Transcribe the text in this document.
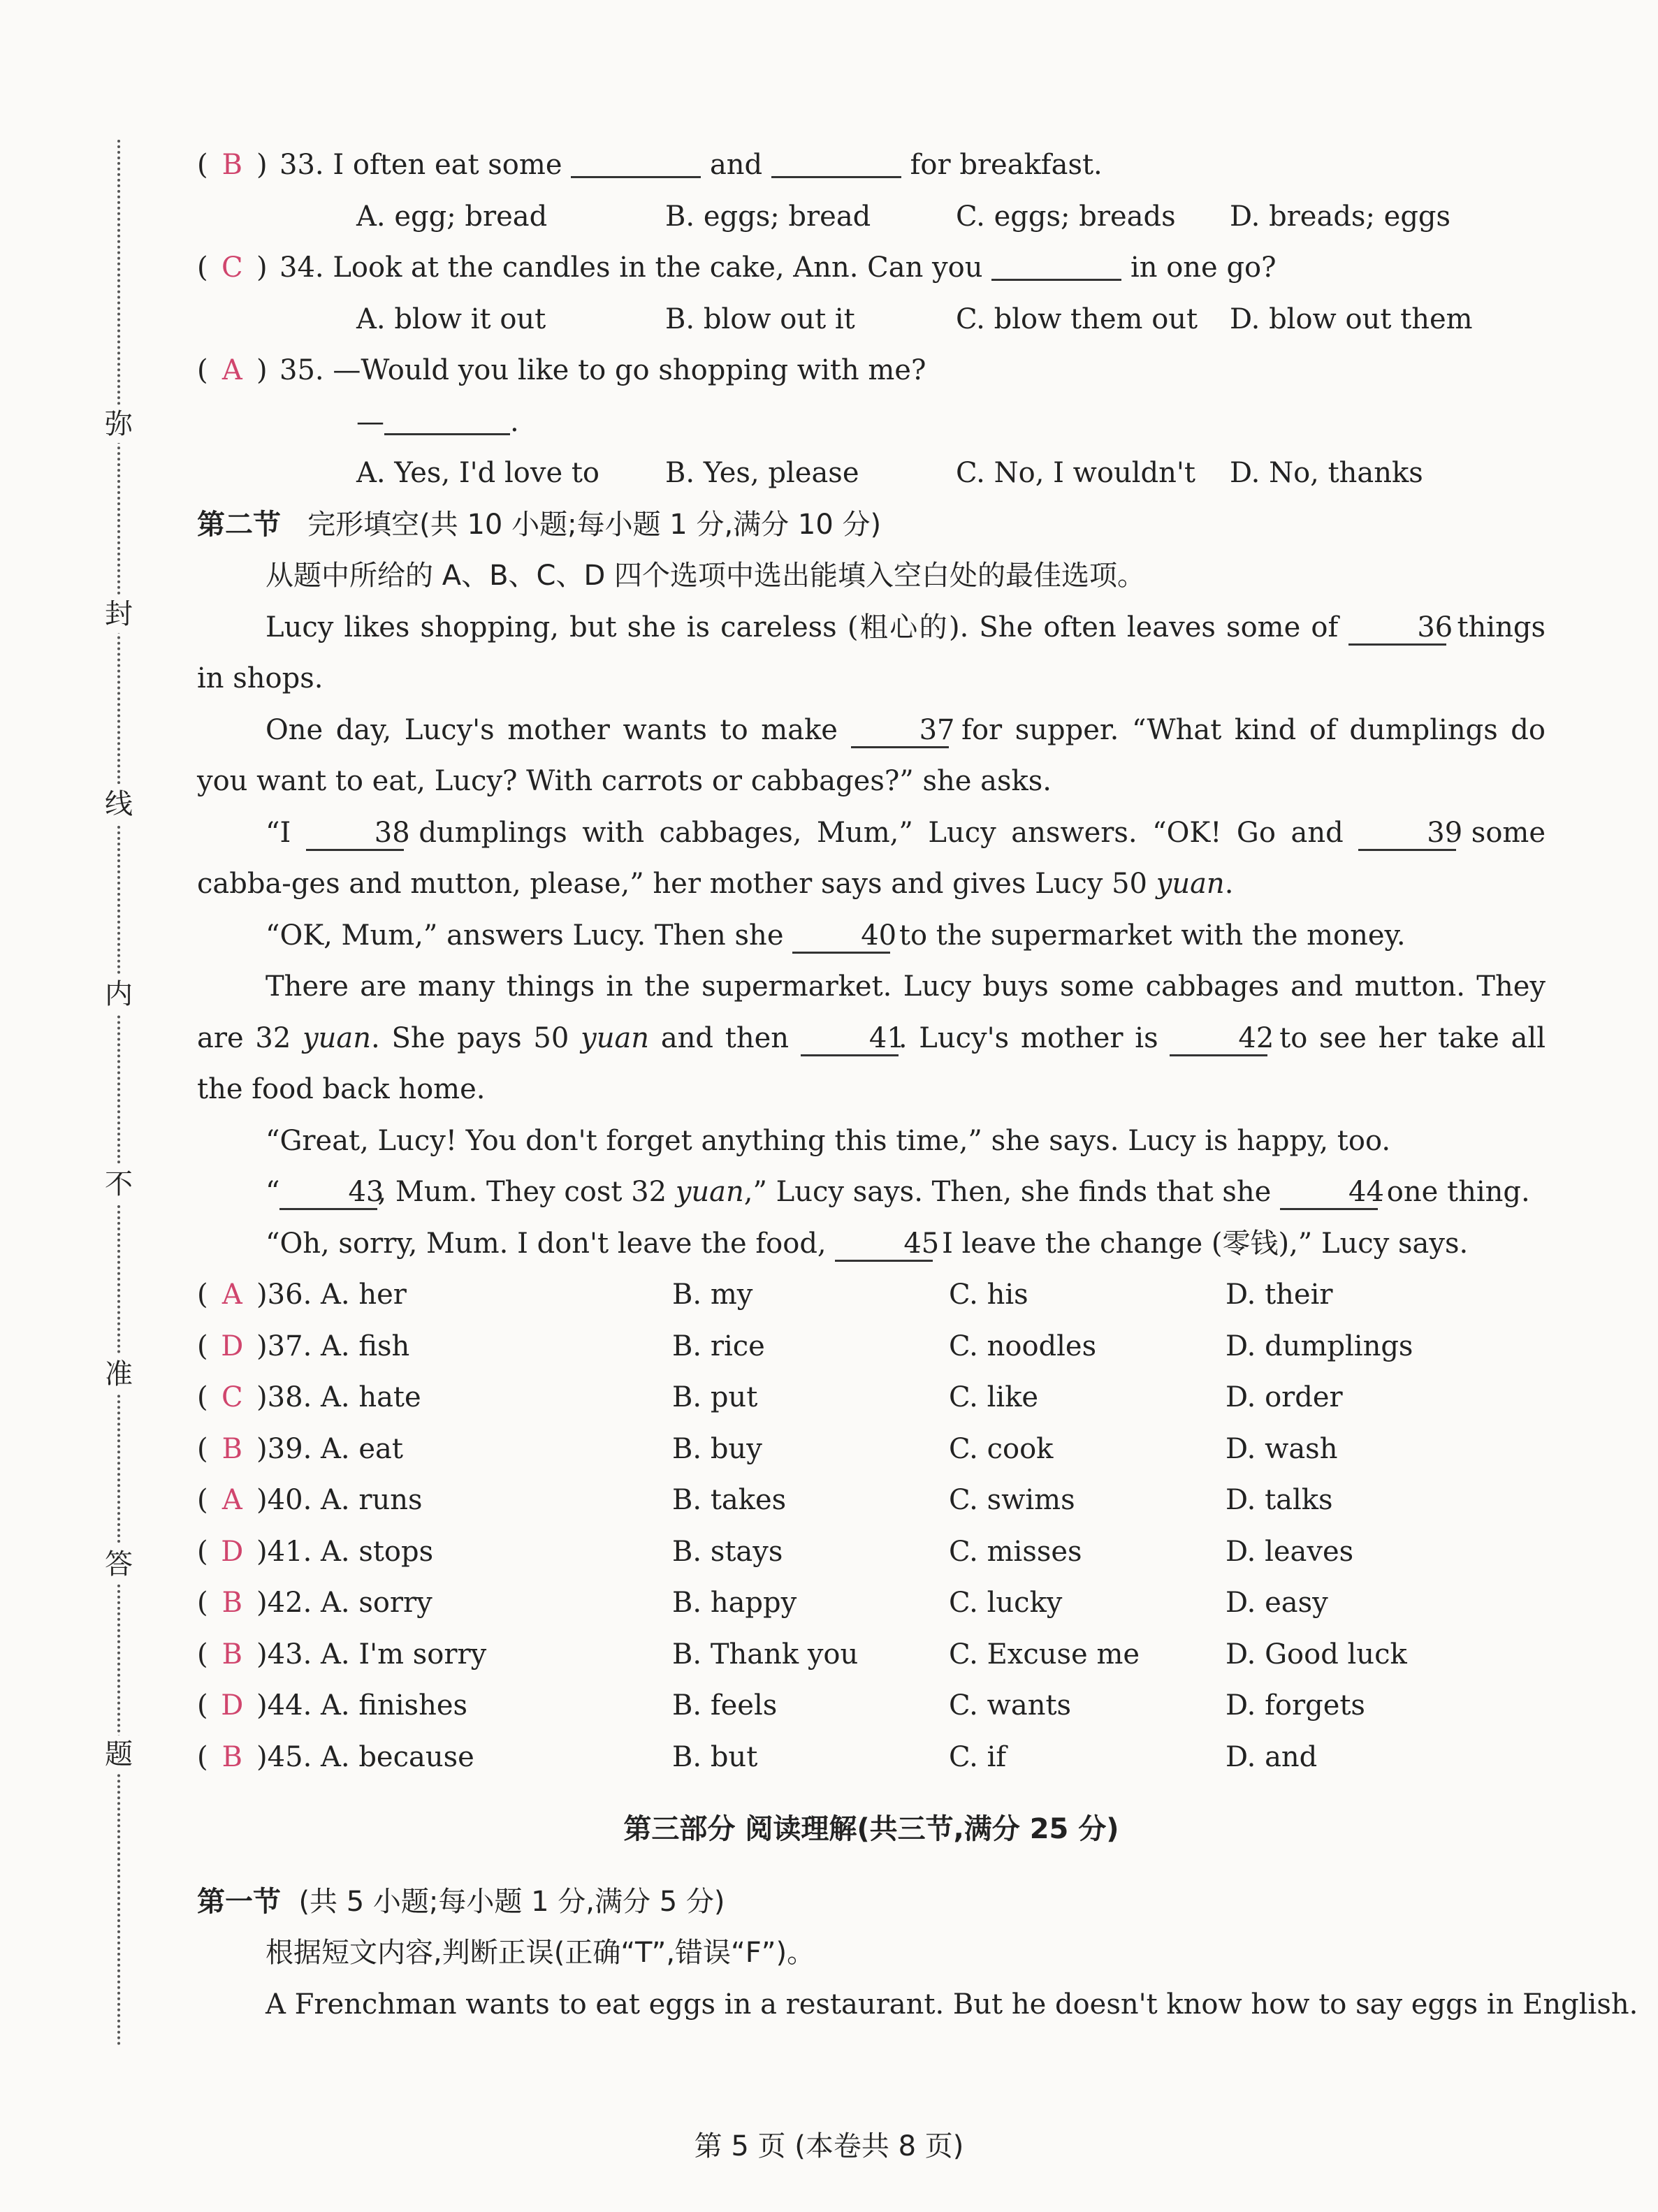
弥
封
线
内
不
准
答
题
( B ) 33. I often eat some	and	for breakfast.
A. egg; bread	B. eggs; bread	C. eggs; breads D. breads; eggs
( C ) 34. Look at the candles in the cake, Ann. Can you	in one go?
A. blow it out	B. blow out it	C. blow them out D. blow out them
( A ) 35. —Would you like to go shopping with me?
—	.
A. Yes, I'd love to B. Yes, please	C. No, I wouldn't D. No, thanks
第二节 完形填空(共 10 小题;每小题 1 分,满分 10 分)
从题中所给的 A、B、C、D 四个选项中选出能填入空白处的最佳选项。
Lucy likes shopping, but she is careless (粗心的). She often leaves some of 36 things in shops.
One day, Lucy's mother wants to make 37 for supper. “What kind of dumplings do you want to eat, Lucy? With carrots or cabbages?” she asks.
“I 38 dumplings with cabbages, Mum,” Lucy answers. “OK! Go and 39 some cabba-ges and mutton, please,” her mother says and gives Lucy 50 yuan.
“OK, Mum,” answers Lucy. Then she 40 to the supermarket with the money.
There are many things in the supermarket. Lucy buys some cabbages and mutton. They are 32 yuan. She pays 50 yuan and then 41. Lucy's mother is 42 to see her take all the food back home.
“Great, Lucy! You don't forget anything this time,” she says. Lucy is happy, too.
“ 43, Mum. They cost 32 yuan,” Lucy says. Then, she finds that she 44 one thing.
“Oh, sorry, Mum. I don't leave the food, 45 I leave the change (零钱),” Lucy says.
( A )36. A. her	B. my	C. his	D. their
( D )37. A. fish	B. rice	C. noodles	D. dumplings
( C )38. A. hate	B. put	C. like	D. order
( B )39. A. eat	B. buy	C. cook	D. wash
( A )40. A. runs	B. takes	C. swims	D. talks
( D )41. A. stops	B. stays	C. misses	D. leaves
( B )42. A. sorry	B. happy	C. lucky	D. easy
( B )43. A. I'm sorry	B. Thank you	C. Excuse me	D. Good luck
( D )44. A. finishes	B. feels	C. wants	D. forgets
( B )45. A. because	B. but	C. if	D. and
第三部分 阅读理解(共三节,满分 25 分)
第一节 (共 5 小题;每小题 1 分,满分 5 分)
根据短文内容,判断正误(正确“T”,错误“F”)。
A Frenchman wants to eat eggs in a restaurant. But he doesn't know how to say eggs in English.
第 5 页 (本卷共 8 页)
